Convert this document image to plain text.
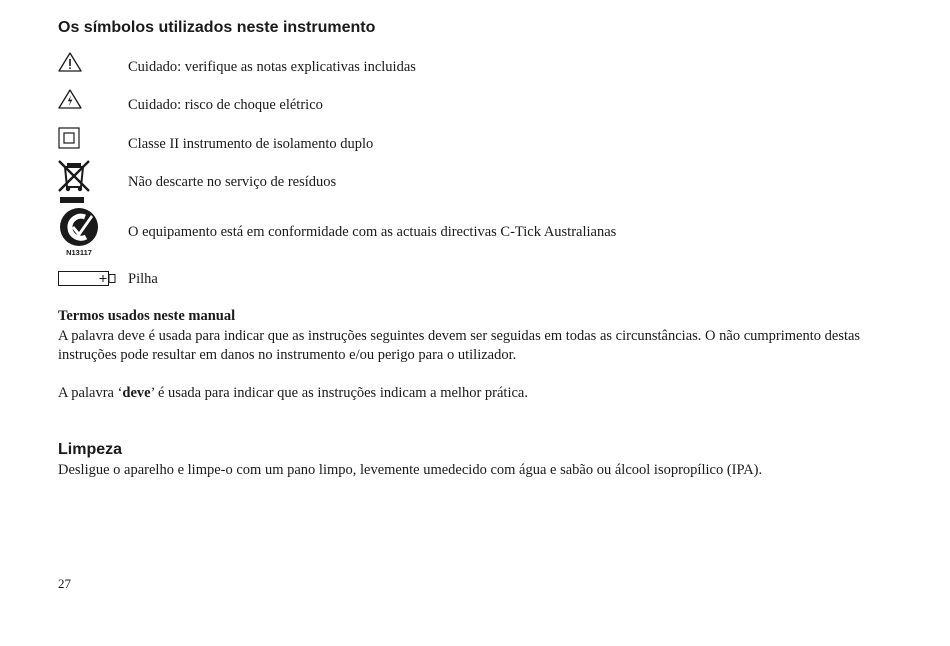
Os símbolos utilizados neste instrumento
Cuidado: verifique as notas explicativas incluidas
Cuidado: risco de choque elétrico
Classe II instrumento de isolamento duplo
Não descarte no serviço de resíduos
N13117
O equipamento está em conformidade com as actuais directivas C-Tick Australianas
Pilha
Termos usados neste manual

A palavra deve é usada para indicar que as instruções seguintes devem ser seguidas em todas as circunstâncias. O não cumprimento destas instruções pode resultar em danos no instrumento e/ou perigo para o utilizador.

A palavra ‘deve’ é usada para indicar que as instruções indicam a melhor prática.

Limpeza

Desligue o aparelho e limpe-o com um pano limpo, levemente umedecido com água e sabão ou álcool isopropílico (IPA).

27
